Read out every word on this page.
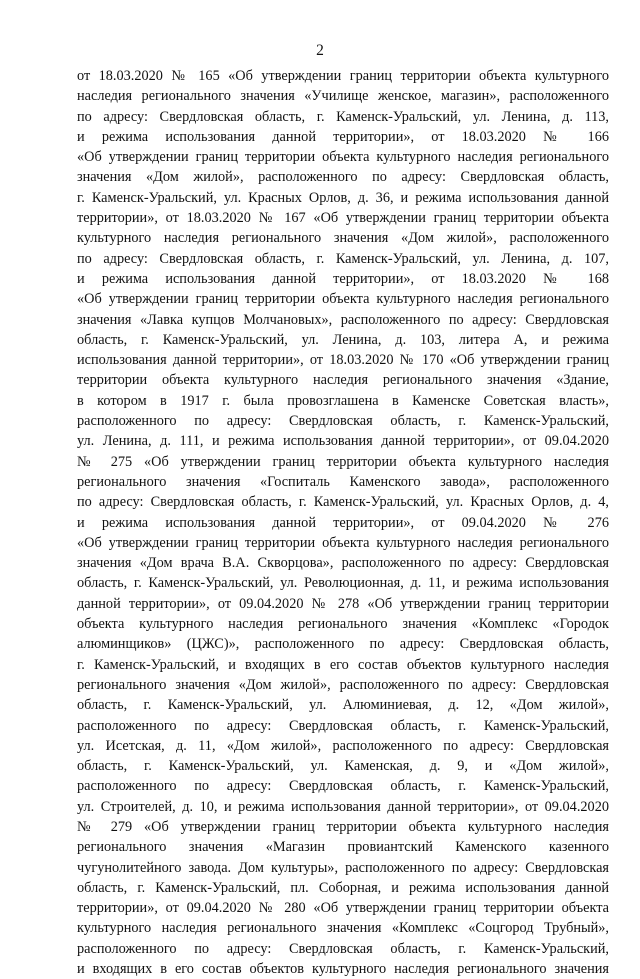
2
от 18.03.2020 № 165 «Об утверждении границ территории объекта культурного
наследия регионального значения «Училище женское, магазин», расположенного
по адресу: Свердловская область, г. Каменск-Уральский, ул. Ленина, д. 113,
и режима использования данной территории», от 18.03.2020 № 166
«Об утверждении границ территории объекта культурного наследия регионального
значения «Дом жилой», расположенного по адресу: Свердловская область,
г. Каменск-Уральский, ул. Красных Орлов, д. 36, и режима использования данной
территории», от 18.03.2020 № 167 «Об утверждении границ территории объекта
культурного наследия регионального значения «Дом жилой», расположенного
по адресу: Свердловская область, г. Каменск-Уральский, ул. Ленина, д. 107,
и режима использования данной территории», от 18.03.2020 № 168
«Об утверждении границ территории объекта культурного наследия регионального
значения «Лавка купцов Молчановых», расположенного по адресу: Свердловская
область, г. Каменск-Уральский, ул. Ленина, д. 103, литера А, и режима
использования данной территории», от 18.03.2020 № 170 «Об утверждении границ
территории объекта культурного наследия регионального значения «Здание,
в котором в 1917 г. была провозглашена в Каменске Советская власть»,
расположенного по адресу: Свердловская область, г. Каменск-Уральский,
ул. Ленина, д. 111, и режима использования данной территории», от 09.04.2020
№ 275 «Об утверждении границ территории объекта культурного наследия
регионального значения «Госпиталь Каменского завода», расположенного
по адресу: Свердловская область, г. Каменск-Уральский, ул. Красных Орлов, д. 4,
и режима использования данной территории», от 09.04.2020 № 276
«Об утверждении границ территории объекта культурного наследия регионального
значения «Дом врача В.А. Скворцова», расположенного по адресу: Свердловская
область, г. Каменск-Уральский, ул. Революционная, д. 11, и режима использования
данной территории», от 09.04.2020 № 278 «Об утверждении границ территории
объекта культурного наследия регионального значения «Комплекс «Городок
алюминщиков» (ЦЖС)», расположенного по адресу: Свердловская область,
г. Каменск-Уральский, и входящих в его состав объектов культурного наследия
регионального значения «Дом жилой», расположенного по адресу: Свердловская
область, г. Каменск-Уральский, ул. Алюминиевая, д. 12, «Дом жилой»,
расположенного по адресу: Свердловская область, г. Каменск-Уральский,
ул. Исетская, д. 11, «Дом жилой», расположенного по адресу: Свердловская
область, г. Каменск-Уральский, ул. Каменская, д. 9, и «Дом жилой»,
расположенного по адресу: Свердловская область, г. Каменск-Уральский,
ул. Строителей, д. 10, и режима использования данной территории», от 09.04.2020
№ 279 «Об утверждении границ территории объекта культурного наследия
регионального значения «Магазин провиантский Каменского казенного
чугунолитейного завода. Дом культуры», расположенного по адресу: Свердловская
область, г. Каменск-Уральский, пл. Соборная, и режима использования данной
территории», от 09.04.2020 № 280 «Об утверждении границ территории объекта
культурного наследия регионального значения «Комплекс «Соцгород Трубный»,
расположенного по адресу: Свердловская область, г. Каменск-Уральский,
и входящих в его состав объектов культурного наследия регионального значения
